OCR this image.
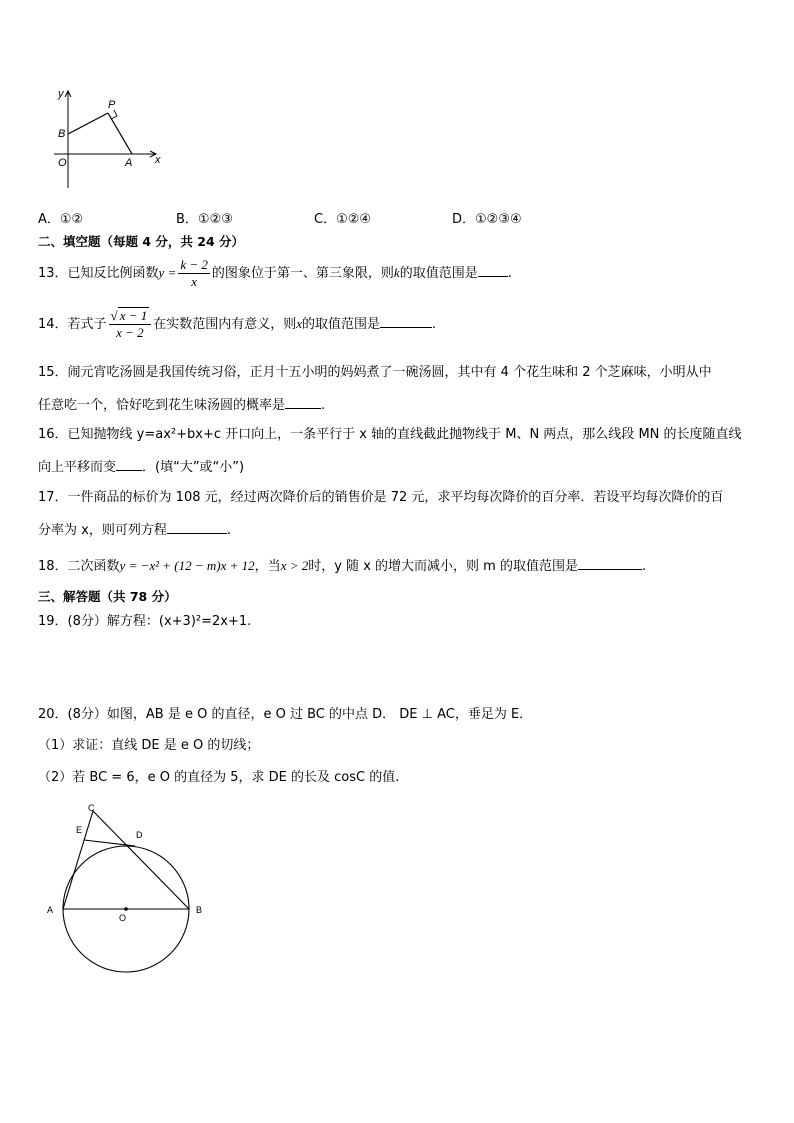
y
P
B
O	A x
A．①②	B．①②③	C．①②④	D．①②③④
二、填空题（每题 4 分，共 24 分）
13．已知反比例函数$y = \frac{k - 2}{x}$ 的图象位于第一、第三象限，则k的取值范围是 .
14．若式子 $\frac{√ x - 1}{x - 2}$ 在实数范围内有意义，则x的取值范围是	.
15．闹元宵吃汤圆是我国传统习俗，正月十五小明的妈妈煮了一碗汤圆，其中有 4 个花生味和 2 个芝麻味，小明从中
任意吃一个，恰好吃到花生味汤圆的概率是	.
16．已知抛物线 y=ax²+bx+c 开口向上，一条平行于 x 轴的直线截此抛物线于 M、N 两点，那么线段 MN 的长度随直线
向上平移而变 ．(填“大”或“小”)
17．一件商品的标价为 108 元，经过两次降价后的销售价是 72 元，求平均每次降价的百分率．若设平均每次降价的百
分率为 x，则可列方程	.
18．二次函数y = −x² + (12 − m)x + 12，当x > 2时，y 随 x 的增大而减小，则 m 的取值范围是	.
三、解答题（共 78 分）
19．(8分）解方程：(x+3)²=2x+1.
20．(8分）如图，AB 是 e O 的直径，e O 过 BC 的中点 D． DE ⊥ AC，垂足为 E．
（1）求证：直线 DE 是 e O 的切线；
（2）若 BC = 6，e O 的直径为 5，求 DE 的长及 cosC 的值.
C
E	D
A
O
B
